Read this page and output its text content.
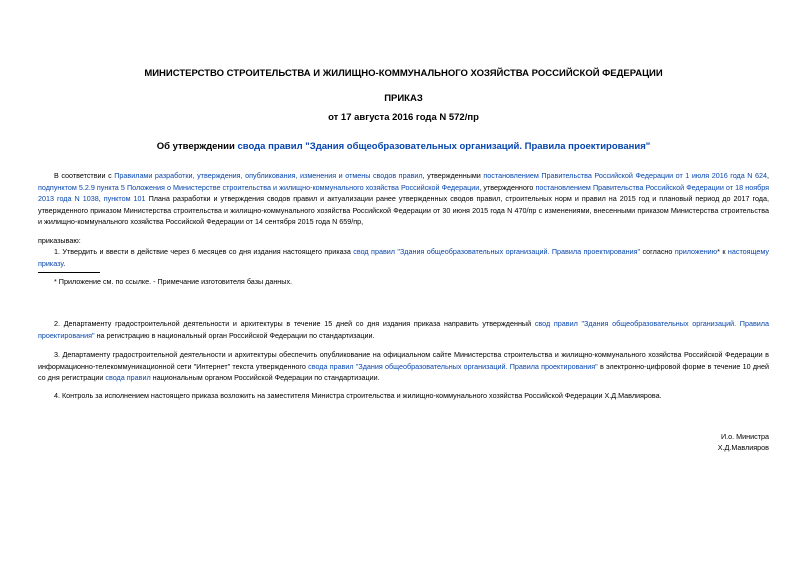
МИНИСТЕРСТВО СТРОИТЕЛЬСТВА И ЖИЛИЩНО-КОММУНАЛЬНОГО ХОЗЯЙСТВА РОССИЙСКОЙ ФЕДЕРАЦИИ
ПРИКАЗ
от 17 августа 2016 года N 572/пр
Об утверждении свода правил "Здания общеобразовательных организаций. Правила проектирования"
В соответствии с Правилами разработки, утверждения, опубликования, изменения и отмены сводов правил, утвержденными постановлением Правительства Российской Федерации от 1 июля 2016 года N 624, подпунктом 5.2.9 пункта 5 Положения о Министерстве строительства и жилищно-коммунального хозяйства Российской Федерации, утвержденного постановлением Правительства Российской Федерации от 18 ноября 2013 года N 1038, пунктом 101 Плана разработки и утверждения сводов правил и актуализации ранее утвержденных сводов правил, строительных норм и правил на 2015 год и плановый период до 2017 года, утвержденного приказом Министерства строительства и жилищно-коммунального хозяйства Российской Федерации от 30 июня 2015 года N 470/пр с изменениями, внесенными приказом Министерства строительства и жилищно-коммунального хозяйства Российской Федерации от 14 сентября 2015 года N 659/пр,
приказываю:
1. Утвердить и ввести в действие через 6 месяцев со дня издания настоящего приказа свод правил "Здания общеобразовательных организаций. Правила проектирования" согласно приложению* к настоящему приказу.
* Приложение см. по ссылке. - Примечание изготовителя базы данных.
2. Департаменту градостроительной деятельности и архитектуры в течение 15 дней со дня издания приказа направить утвержденный свод правил "Здания общеобразовательных организаций. Правила проектирования" на регистрацию в национальный орган Российской Федерации по стандартизации.
3. Департаменту градостроительной деятельности и архитектуры обеспечить опубликование на официальном сайте Министерства строительства и жилищно-коммунального хозяйства Российской Федерации в информационно-телекоммуникационной сети "Интернет" текста утвержденного свода правил "Здания общеобразовательных организаций. Правила проектирования" в электронно-цифровой форме в течение 10 дней со дня регистрации свода правил национальным органом Российской Федерации по стандартизации.
4. Контроль за исполнением настоящего приказа возложить на заместителя Министра строительства и жилищно-коммунального хозяйства Российской Федерации Х.Д.Мавлиярова.
И.о. Министра
Х.Д.Мавлияров
